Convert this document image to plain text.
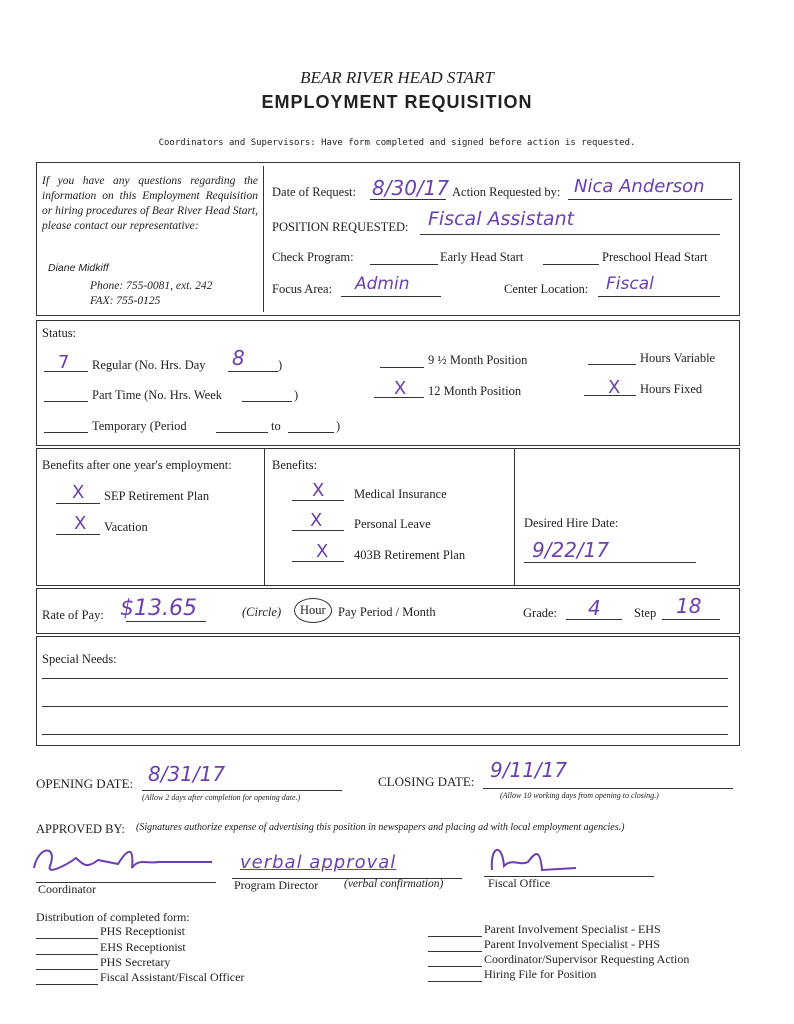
BEAR RIVER HEAD START
EMPLOYMENT REQUISITION
Coordinators and Supervisors: Have form completed and signed before action is requested.
If you have any questions regarding the information on this Employment Requisition or hiring procedures of Bear River Head Start, please contact our representative:
Diane Midkiff
Phone: 755-0081, ext. 242
FAX: 755-0125
Date of Request: 8/30/17 Action Requested by: Nica Anderson
POSITION REQUESTED: Fiscal Assistant
Check Program:	Early Head Start	Preschool Head Start
Focus Area: Admin	Center Location: Fiscal
Status:
7 Regular (No. Hrs. Day 8	)
Part Time (No. Hrs. Week	)
Temporary (Period	to	)
9 ½ Month Position
X 12 Month Position
Hours Variable
X Hours Fixed
Benefits after one year's employment:
X SEP Retirement Plan
X Vacation
Benefits:
X Medical Insurance
X	Personal Leave
X 403B Retirement Plan
Desired Hire Date:
9/22/17
Rate of Pay: $13.65	(Circle)	Hour Pay Period / Month	Grade: 4	Step 18
Special Needs:
OPENING DATE: 8/31/17
(Allow 2 days after completion for opening date.)
CLOSING DATE: 9/11/17
(Allow 10 working days from opening to closing.)
APPROVED BY: (Signatures authorize expense of advertising this position in newspapers and placing ad with local employment agencies.)
Coordinator
verbal approval
Program Director (verbal confirmation)	Fiscal Office
Distribution of completed form:
PHS Receptionist
EHS Receptionist
PHS Secretary
Fiscal Assistant/Fiscal Officer
Parent Involvement Specialist - EHS
Parent Involvement Specialist - PHS
Coordinator/Supervisor Requesting Action
Hiring File for Position
